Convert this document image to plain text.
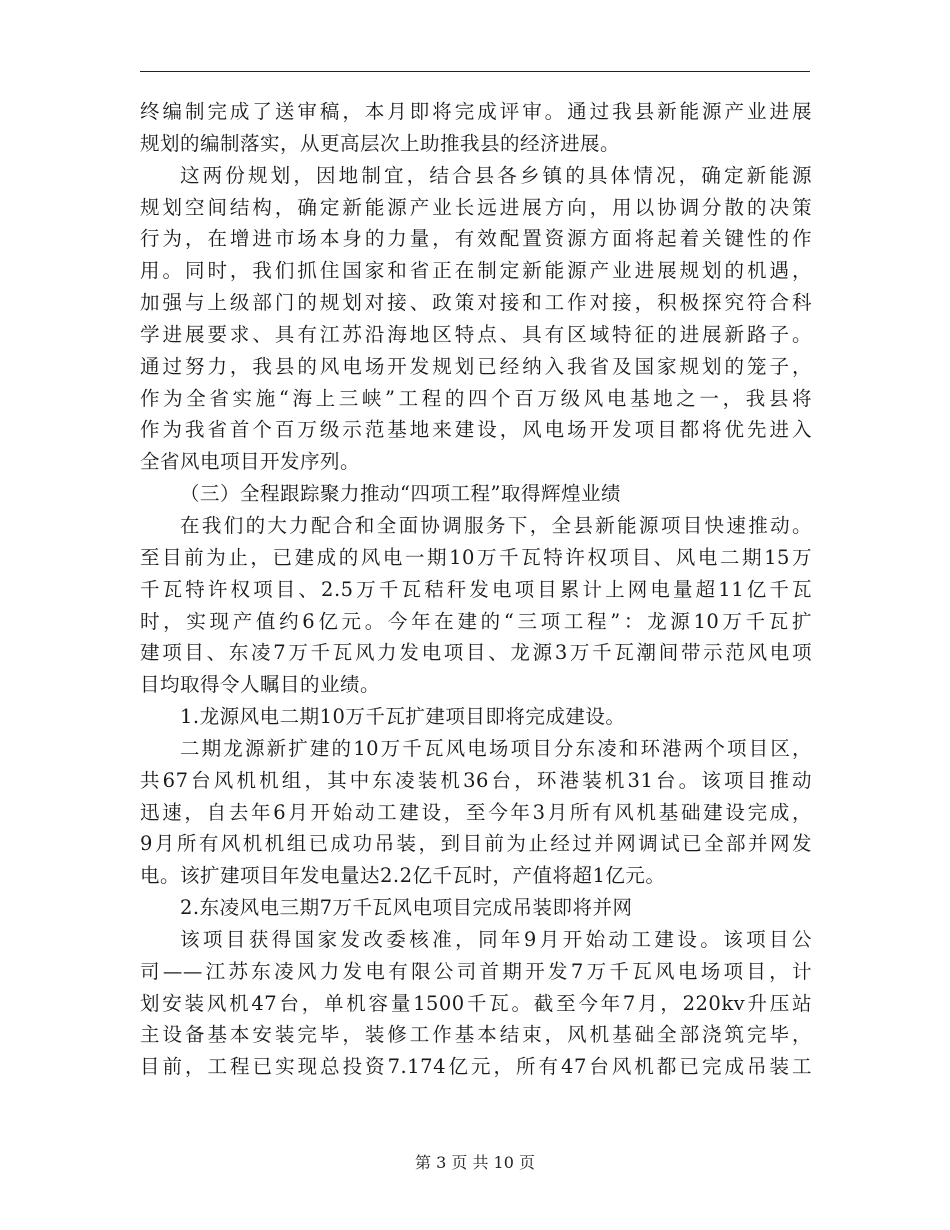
终编制完成了送审稿，本月即将完成评审。通过我县新能源产业进展
规划的编制落实，从更高层次上助推我县的经济进展。
这两份规划，因地制宜，结合县各乡镇的具体情况，确定新能源
规划空间结构，确定新能源产业长远进展方向，用以协调分散的决策
行为，在增进市场本身的力量，有效配置资源方面将起着关键性的作
用。同时，我们抓住国家和省正在制定新能源产业进展规划的机遇，
加强与上级部门的规划对接、政策对接和工作对接，积极探究符合科
学进展要求、具有江苏沿海地区特点、具有区域特征的进展新路子。
通过努力，我县的风电场开发规划已经纳入我省及国家规划的笼子，
作为全省实施“海上三峡”工程的四个百万级风电基地之一，我县将
作为我省首个百万级示范基地来建设，风电场开发项目都将优先进入
全省风电项目开发序列。
（三）全程跟踪聚力推动“四项工程”取得辉煌业绩
在我们的大力配合和全面协调服务下，全县新能源项目快速推动。
至目前为止，已建成的风电一期10万千瓦特许权项目、风电二期15万
千瓦特许权项目、2.5万千瓦秸秆发电项目累计上网电量超11亿千瓦
时，实现产值约6亿元。今年在建的“三项工程”：龙源10万千瓦扩
建项目、东凌7万千瓦风力发电项目、龙源3万千瓦潮间带示范风电项
目均取得令人瞩目的业绩。
1.龙源风电二期10万千瓦扩建项目即将完成建设。
二期龙源新扩建的10万千瓦风电场项目分东凌和环港两个项目区，
共67台风机机组，其中东凌装机36台，环港装机31台。该项目推动
迅速，自去年6月开始动工建设，至今年3月所有风机基础建设完成，
9月所有风机机组已成功吊装，到目前为止经过并网调试已全部并网发
电。该扩建项目年发电量达2.2亿千瓦时，产值将超1亿元。
2.东凌风电三期7万千瓦风电项目完成吊装即将并网
该项目获得国家发改委核准，同年9月开始动工建设。该项目公
司——江苏东凌风力发电有限公司首期开发7万千瓦风电场项目，计
划安装风机47台，单机容量1500千瓦。截至今年7月，220kv升压站
主设备基本安装完毕，装修工作基本结束，风机基础全部浇筑完毕，
目前，工程已实现总投资7.174亿元，所有47台风机都已完成吊装工
第 3 页 共 10 页
